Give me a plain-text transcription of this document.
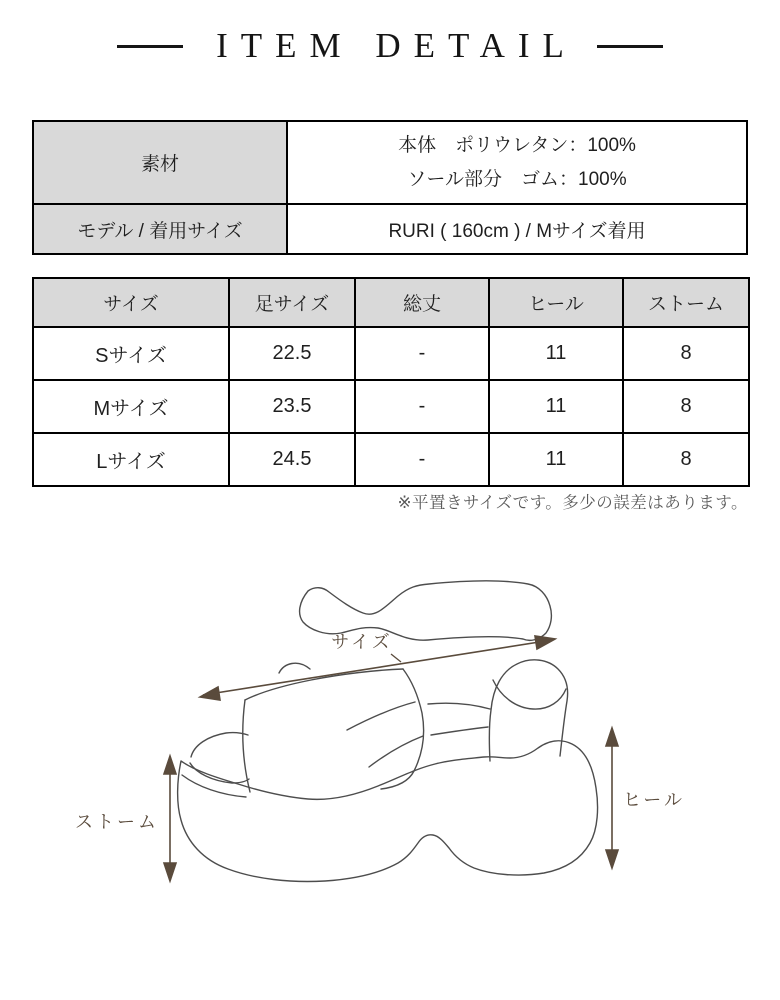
ITEM DETAIL
素材	本体　ポリウレタン：100%
ソール部分　ゴム：100%

モデル / 着用サイズ	RURI ( 160cm ) / Mサイズ着用
サイズ	足サイズ	総丈	ヒール	ストーム
Sサイズ	22.5	-	11	8
Mサイズ	23.5	-	11	8
Lサイズ	24.5	-	11	8
※平置きサイズです。多少の誤差はあります。
サイズ
ストーム
ヒール
